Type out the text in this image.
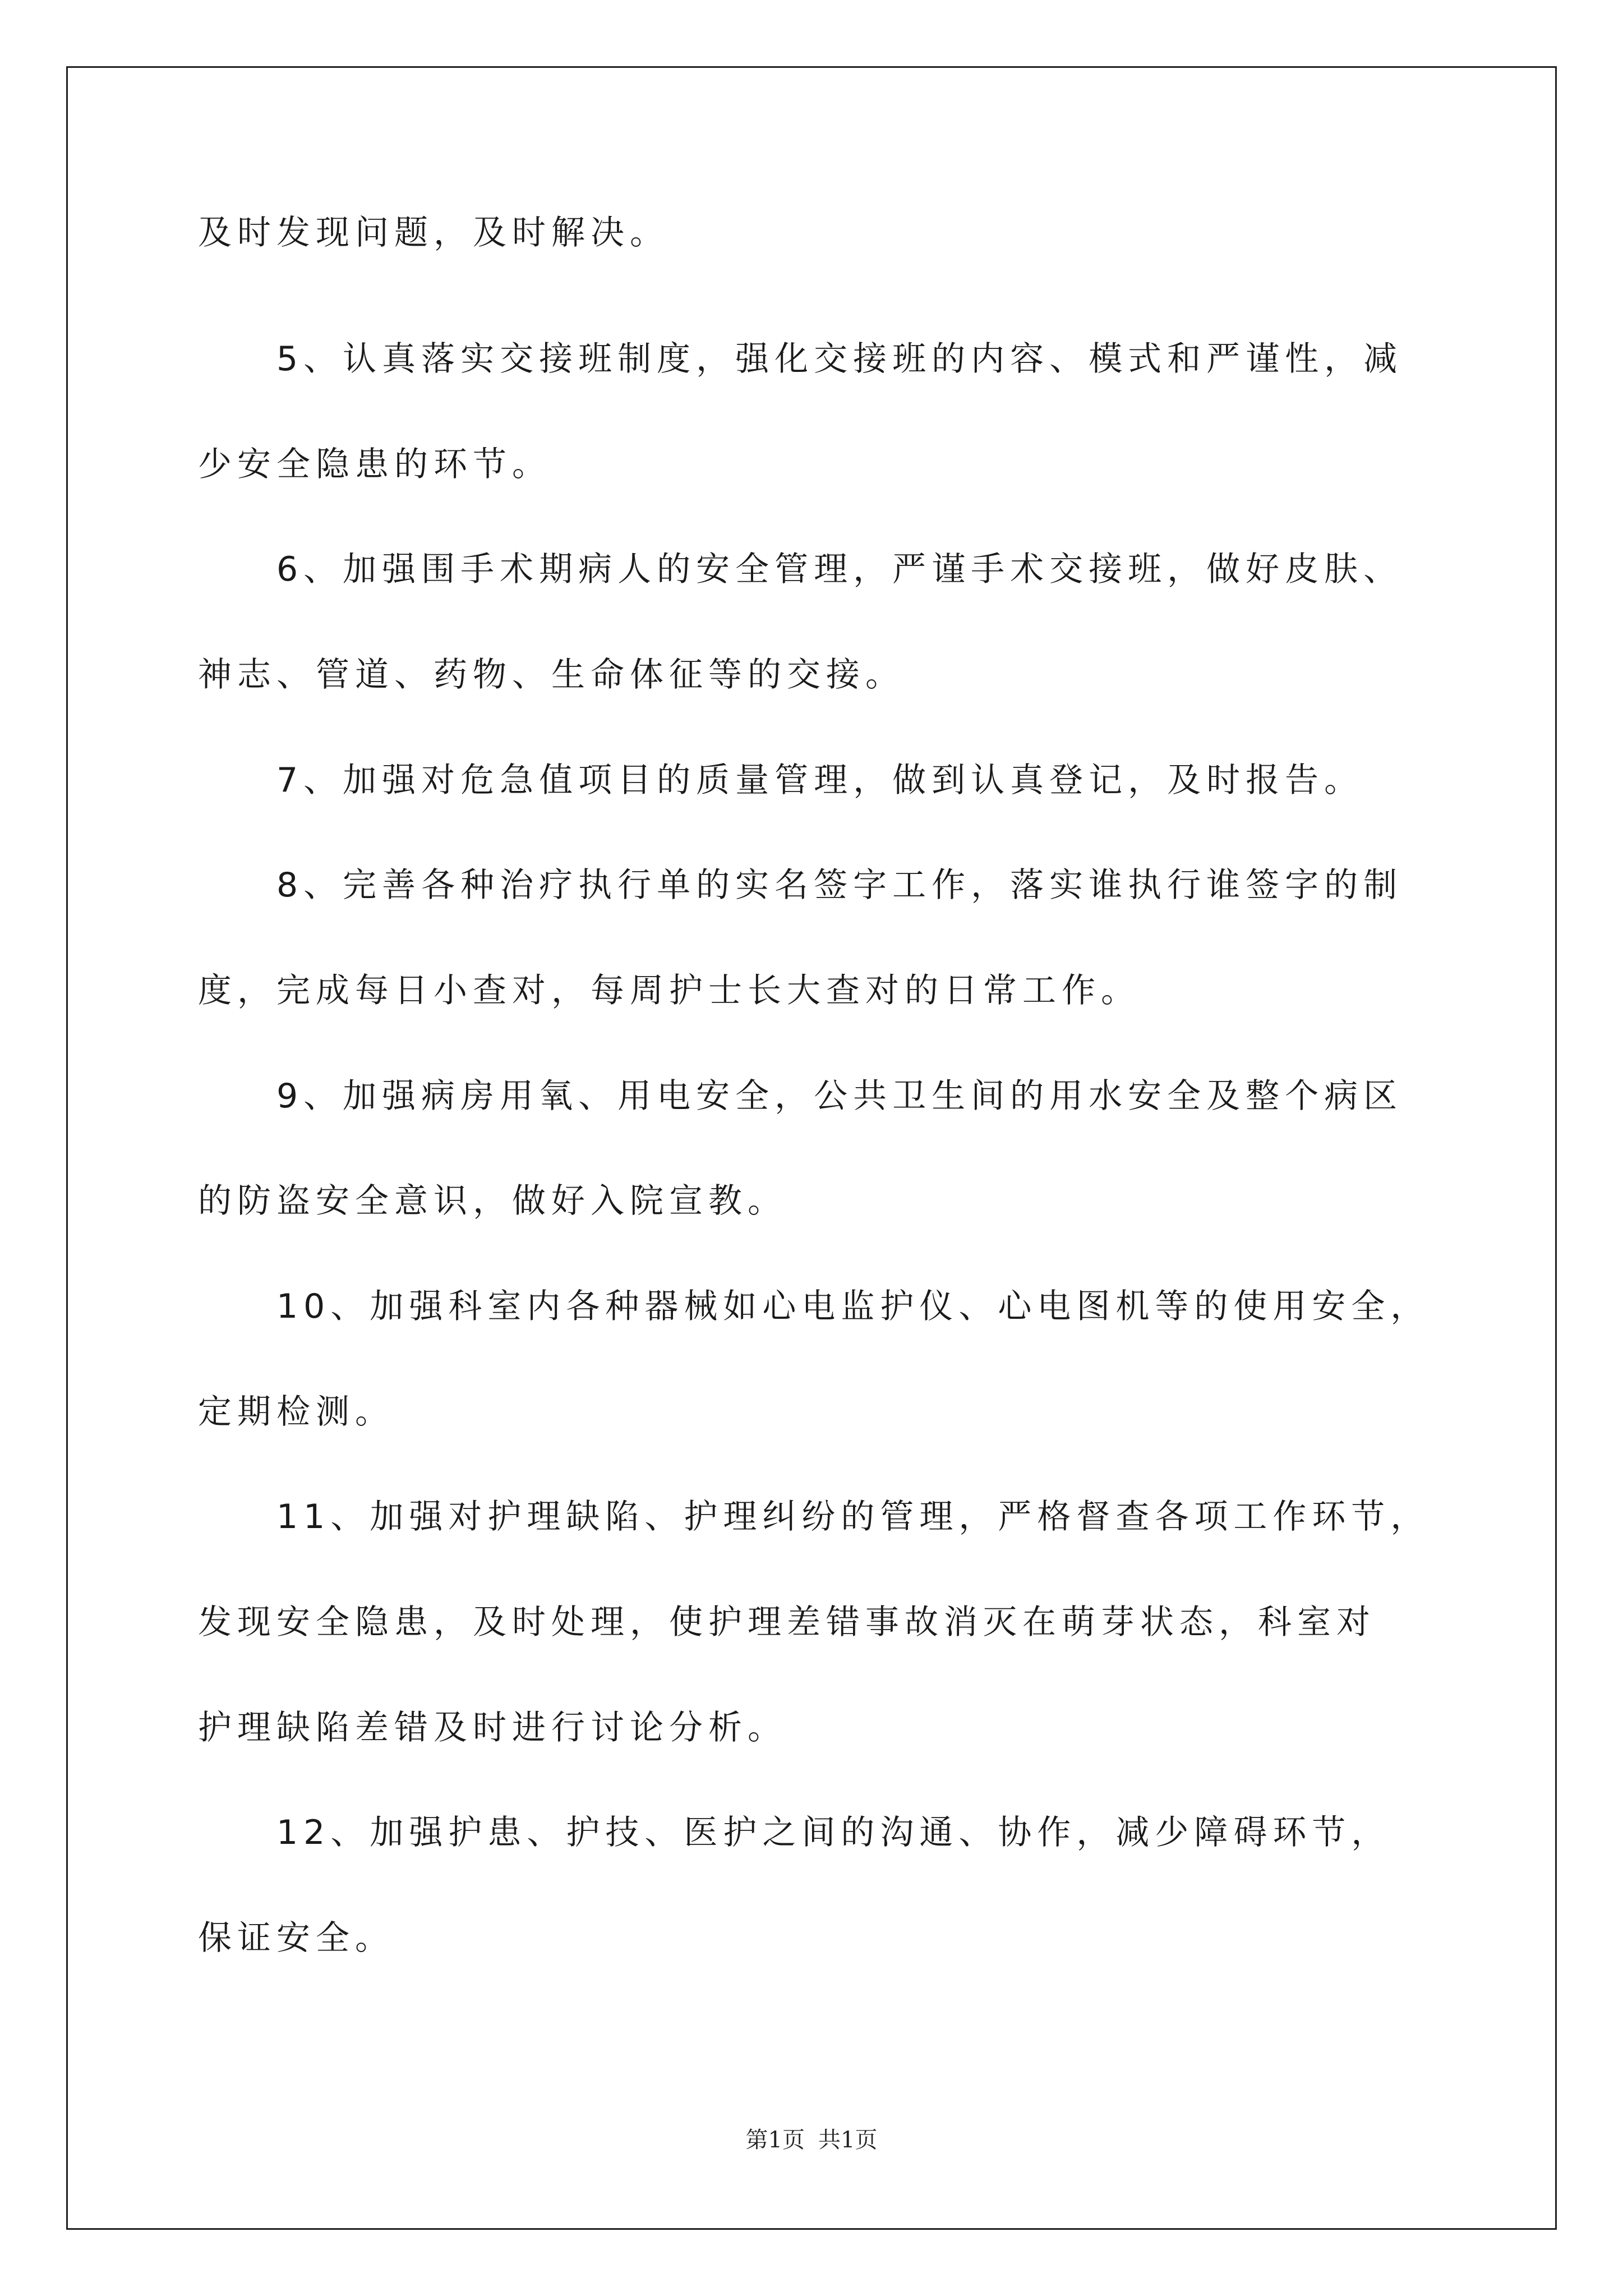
及时发现问题，及时解决。
5、认真落实交接班制度，强化交接班的内容、模式和严谨性，减
少安全隐患的环节。
6、加强围手术期病人的安全管理，严谨手术交接班，做好皮肤、
神志、管道、药物、生命体征等的交接。
7、加强对危急值项目的质量管理，做到认真登记，及时报告。
8、完善各种治疗执行单的实名签字工作，落实谁执行谁签字的制
度，完成每日小查对，每周护士长大查对的日常工作。
9、加强病房用氧、用电安全，公共卫生间的用水安全及整个病区
的防盗安全意识，做好入院宣教。
10、加强科室内各种器械如心电监护仪、心电图机等的使用安全，
定期检测。
11、加强对护理缺陷、护理纠纷的管理，严格督查各项工作环节，
发现安全隐患，及时处理，使护理差错事故消灭在萌芽状态，科室对
护理缺陷差错及时进行讨论分析。
12、加强护患、护技、医护之间的沟通、协作，减少障碍环节，
保证安全。
第1页 共1页
